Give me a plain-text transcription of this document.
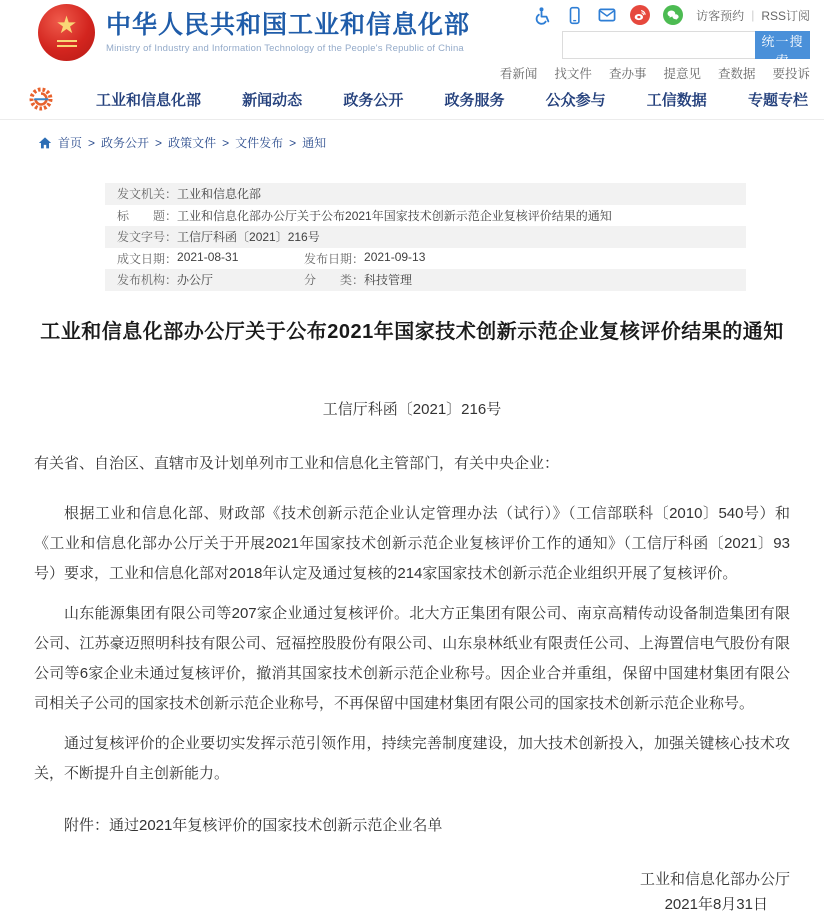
★ 中华人民共和国工业和信息化部
Ministry of Industry and Information Technology of the People's Republic of China
访客预约 | RSS订阅
统一搜索
看新闻 找文件 查办事 提意见 查数据 要投诉
工业和信息化部	新闻动态	政务公开	政务服务	公众参与	工信数据	专题专栏
首页 > 政务公开 > 政策文件 > 文件发布 > 通知
发文机关： 工业和信息化部
标　　题： 工业和信息化部办公厅关于公布2021年国家技术创新示范企业复核评价结果的通知
发文字号： 工信厅科函〔2021〕216号
成文日期： 2021-08-31	发布日期： 2021-09-13
发布机构： 办公厅	分　　类： 科技管理
工业和信息化部办公厅关于公布2021年国家技术创新示范企业复核评价结果的通知
工信厅科函〔2021〕216号

有关省、自治区、直辖市及计划单列市工业和信息化主管部门，有关中央企业：

根据工业和信息化部、财政部《技术创新示范企业认定管理办法（试行）》（工信部联科〔2010〕540号）和《工业和信息化部办公厅关于开展2021年国家技术创新示范企业复核评价工作的通知》（工信厅科函〔2021〕93号）要求，工业和信息化部对2018年认定及通过复核的214家国家技术创新示范企业组织开展了复核评价。

山东能源集团有限公司等207家企业通过复核评价。北大方正集团有限公司、南京高精传动设备制造集团有限公司、江苏豪迈照明科技有限公司、冠福控股股份有限公司、山东泉林纸业有限责任公司、上海置信电气股份有限公司等6家企业未通过复核评价，撤消其国家技术创新示范企业称号。因企业合并重组，保留中国建材集团有限公司相关子公司的国家技术创新示范企业称号，不再保留中国建材集团有限公司的国家技术创新示范企业称号。

通过复核评价的企业要切实发挥示范引领作用，持续完善制度建设，加大技术创新投入，加强关键核心技术攻关，不断提升自主创新能力。

附件：通过2021年复核评价的国家技术创新示范企业名单

工业和信息化部办公厅
2021年8月31日
